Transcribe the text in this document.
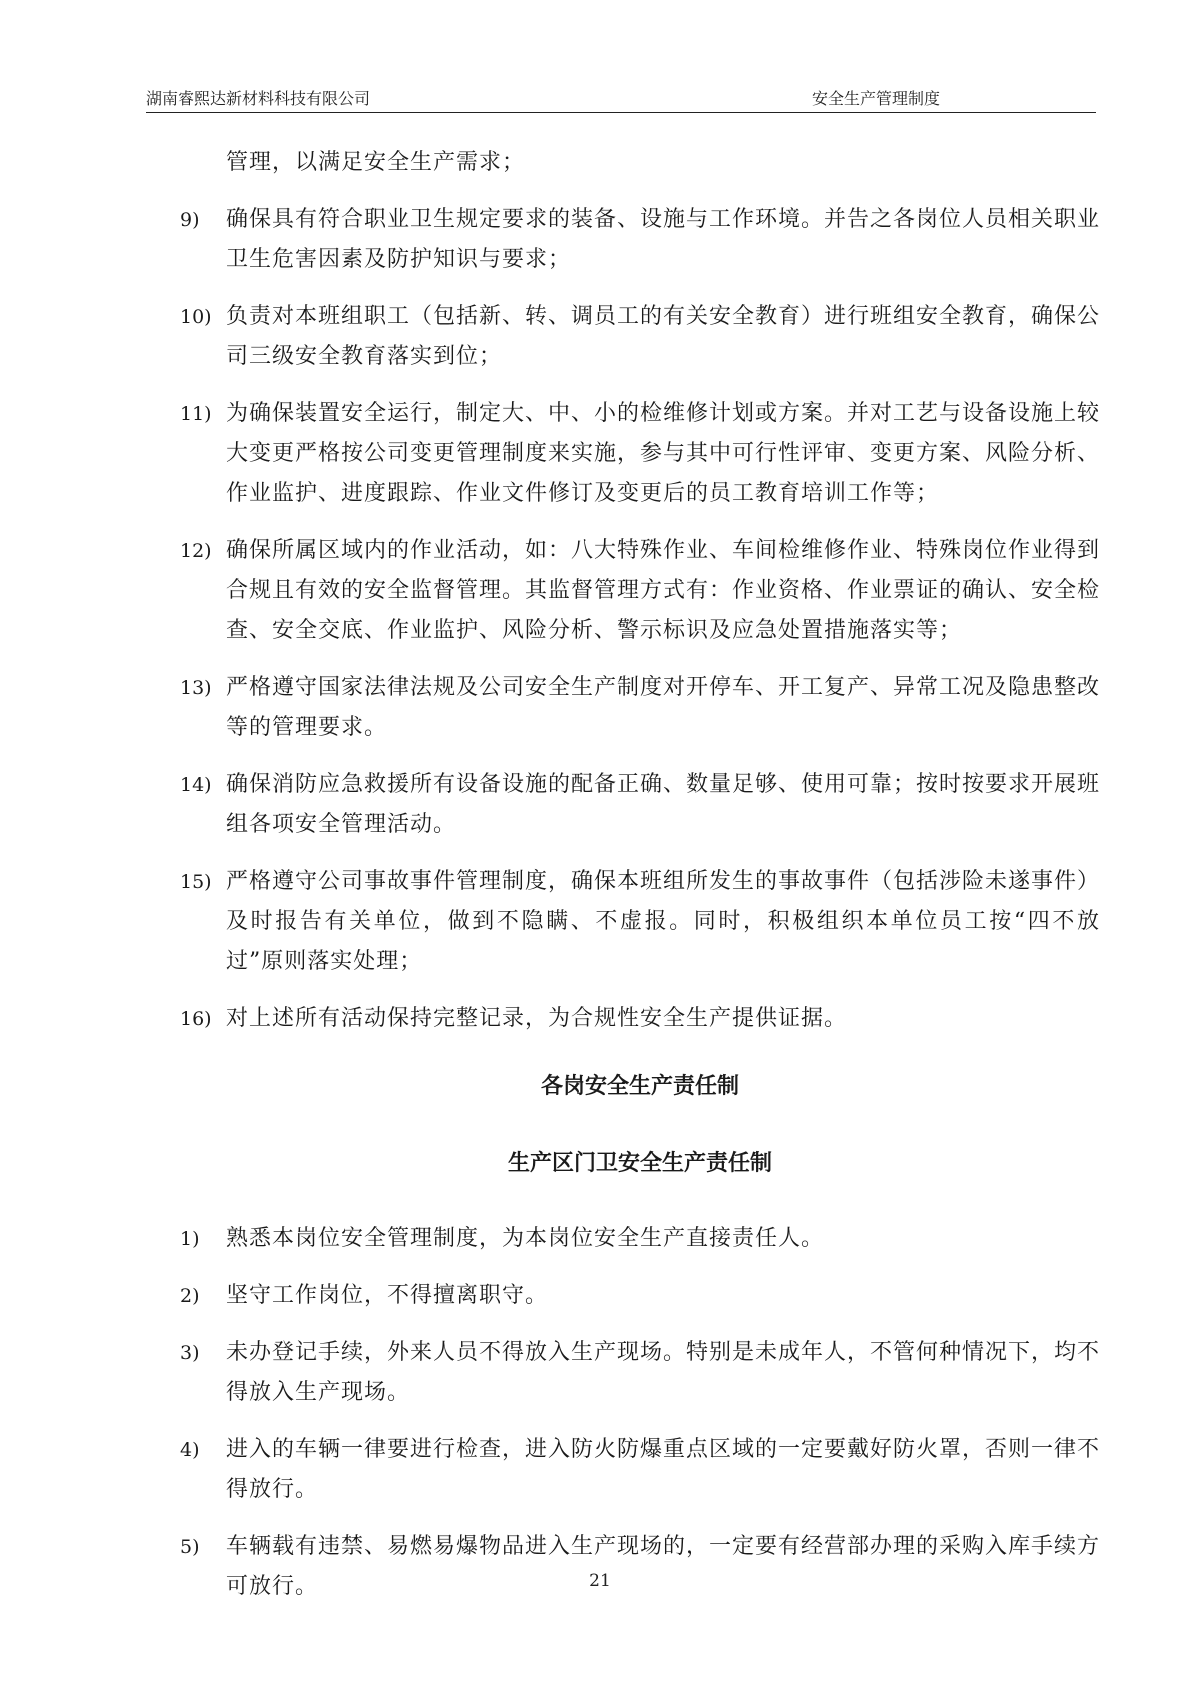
湖南睿熙达新材料科技有限公司	安全生产管理制度
管理，以满足安全生产需求；
9) 确保具有符合职业卫生规定要求的装备、设施与工作环境。并告之各岗位人员相关职业卫生危害因素及防护知识与要求；
10) 负责对本班组职工（包括新、转、调员工的有关安全教育）进行班组安全教育，确保公司三级安全教育落实到位；
11) 为确保装置安全运行，制定大、中、小的检维修计划或方案。并对工艺与设备设施上较大变更严格按公司变更管理制度来实施，参与其中可行性评审、变更方案、风险分析、作业监护、进度跟踪、作业文件修订及变更后的员工教育培训工作等；
12) 确保所属区域内的作业活动，如：八大特殊作业、车间检维修作业、特殊岗位作业得到合规且有效的安全监督管理。其监督管理方式有：作业资格、作业票证的确认、安全检查、安全交底、作业监护、风险分析、警示标识及应急处置措施落实等；
13) 严格遵守国家法律法规及公司安全生产制度对开停车、开工复产、异常工况及隐患整改等的管理要求。
14) 确保消防应急救援所有设备设施的配备正确、数量足够、使用可靠；按时按要求开展班组各项安全管理活动。
15) 严格遵守公司事故事件管理制度，确保本班组所发生的事故事件（包括涉险未遂事件）及时报告有关单位，做到不隐瞒、不虚报。同时，积极组织本单位员工按“四不放过”原则落实处理；
16) 对上述所有活动保持完整记录，为合规性安全生产提供证据。
各岗安全生产责任制
生产区门卫安全生产责任制
1) 熟悉本岗位安全管理制度，为本岗位安全生产直接责任人。
2) 坚守工作岗位，不得擅离职守。
3) 未办登记手续，外来人员不得放入生产现场。特别是未成年人，不管何种情况下，均不得放入生产现场。
4) 进入的车辆一律要进行检查，进入防火防爆重点区域的一定要戴好防火罩，否则一律不得放行。
5) 车辆载有违禁、易燃易爆物品进入生产现场的，一定要有经营部办理的采购入库手续方可放行。	21
